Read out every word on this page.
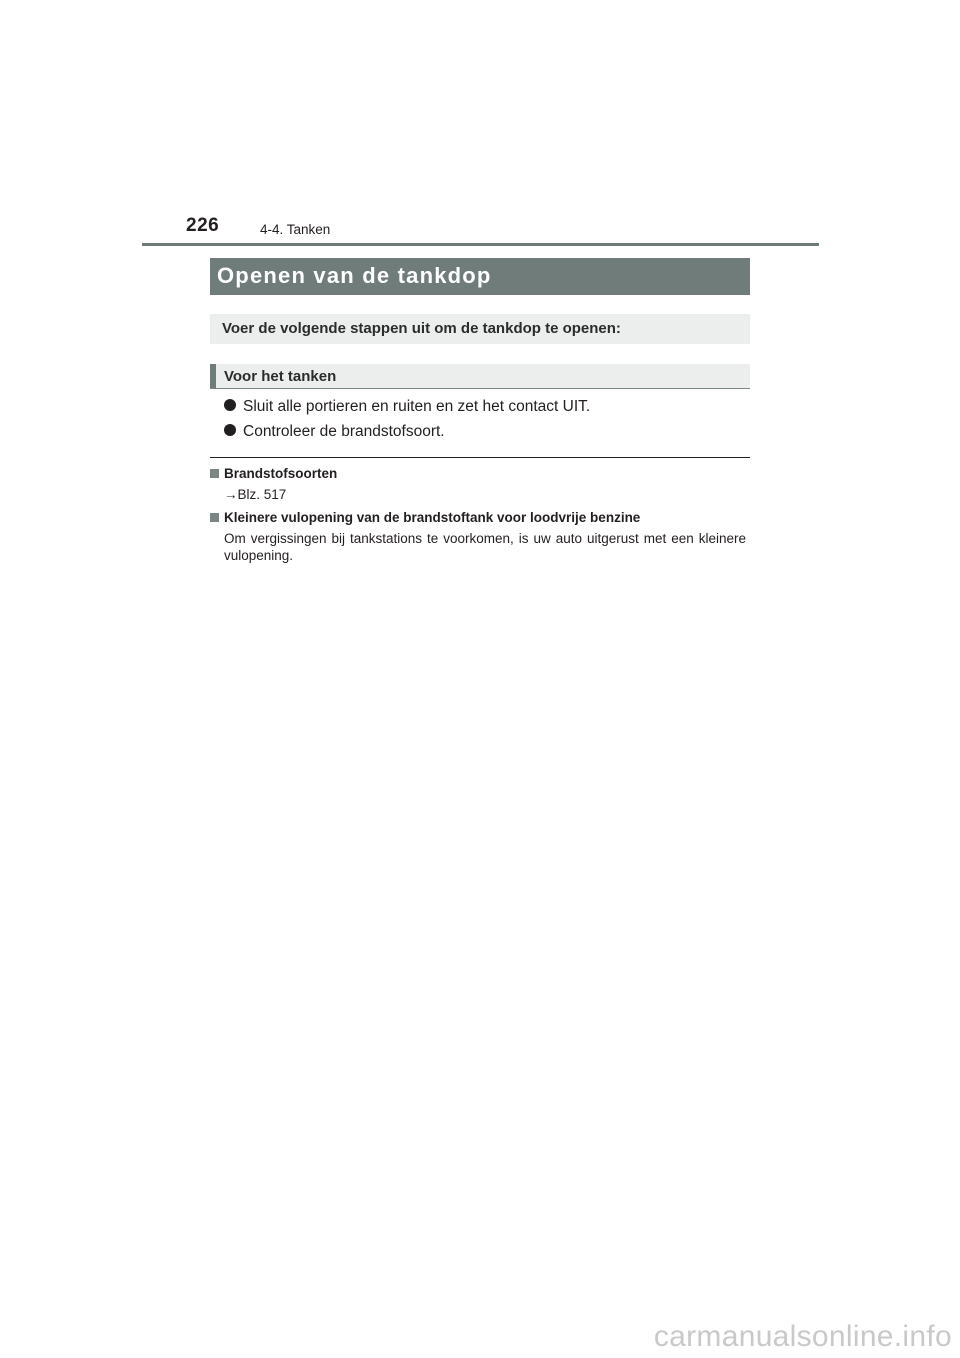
226	4-4. Tanken
Openen van de tankdop

Voer de volgende stappen uit om de tankdop te openen:

Voor het tanken
Sluit alle portieren en ruiten en zet het contact UIT.
Controleer de brandstofsoort.
Brandstofsoorten
→Blz. 517
Kleinere vulopening van de brandstoftank voor loodvrije benzine
Om vergissingen bij tankstations te voorkomen, is uw auto uitgerust met een kleinere vulopening.
carmanualsonline.info
